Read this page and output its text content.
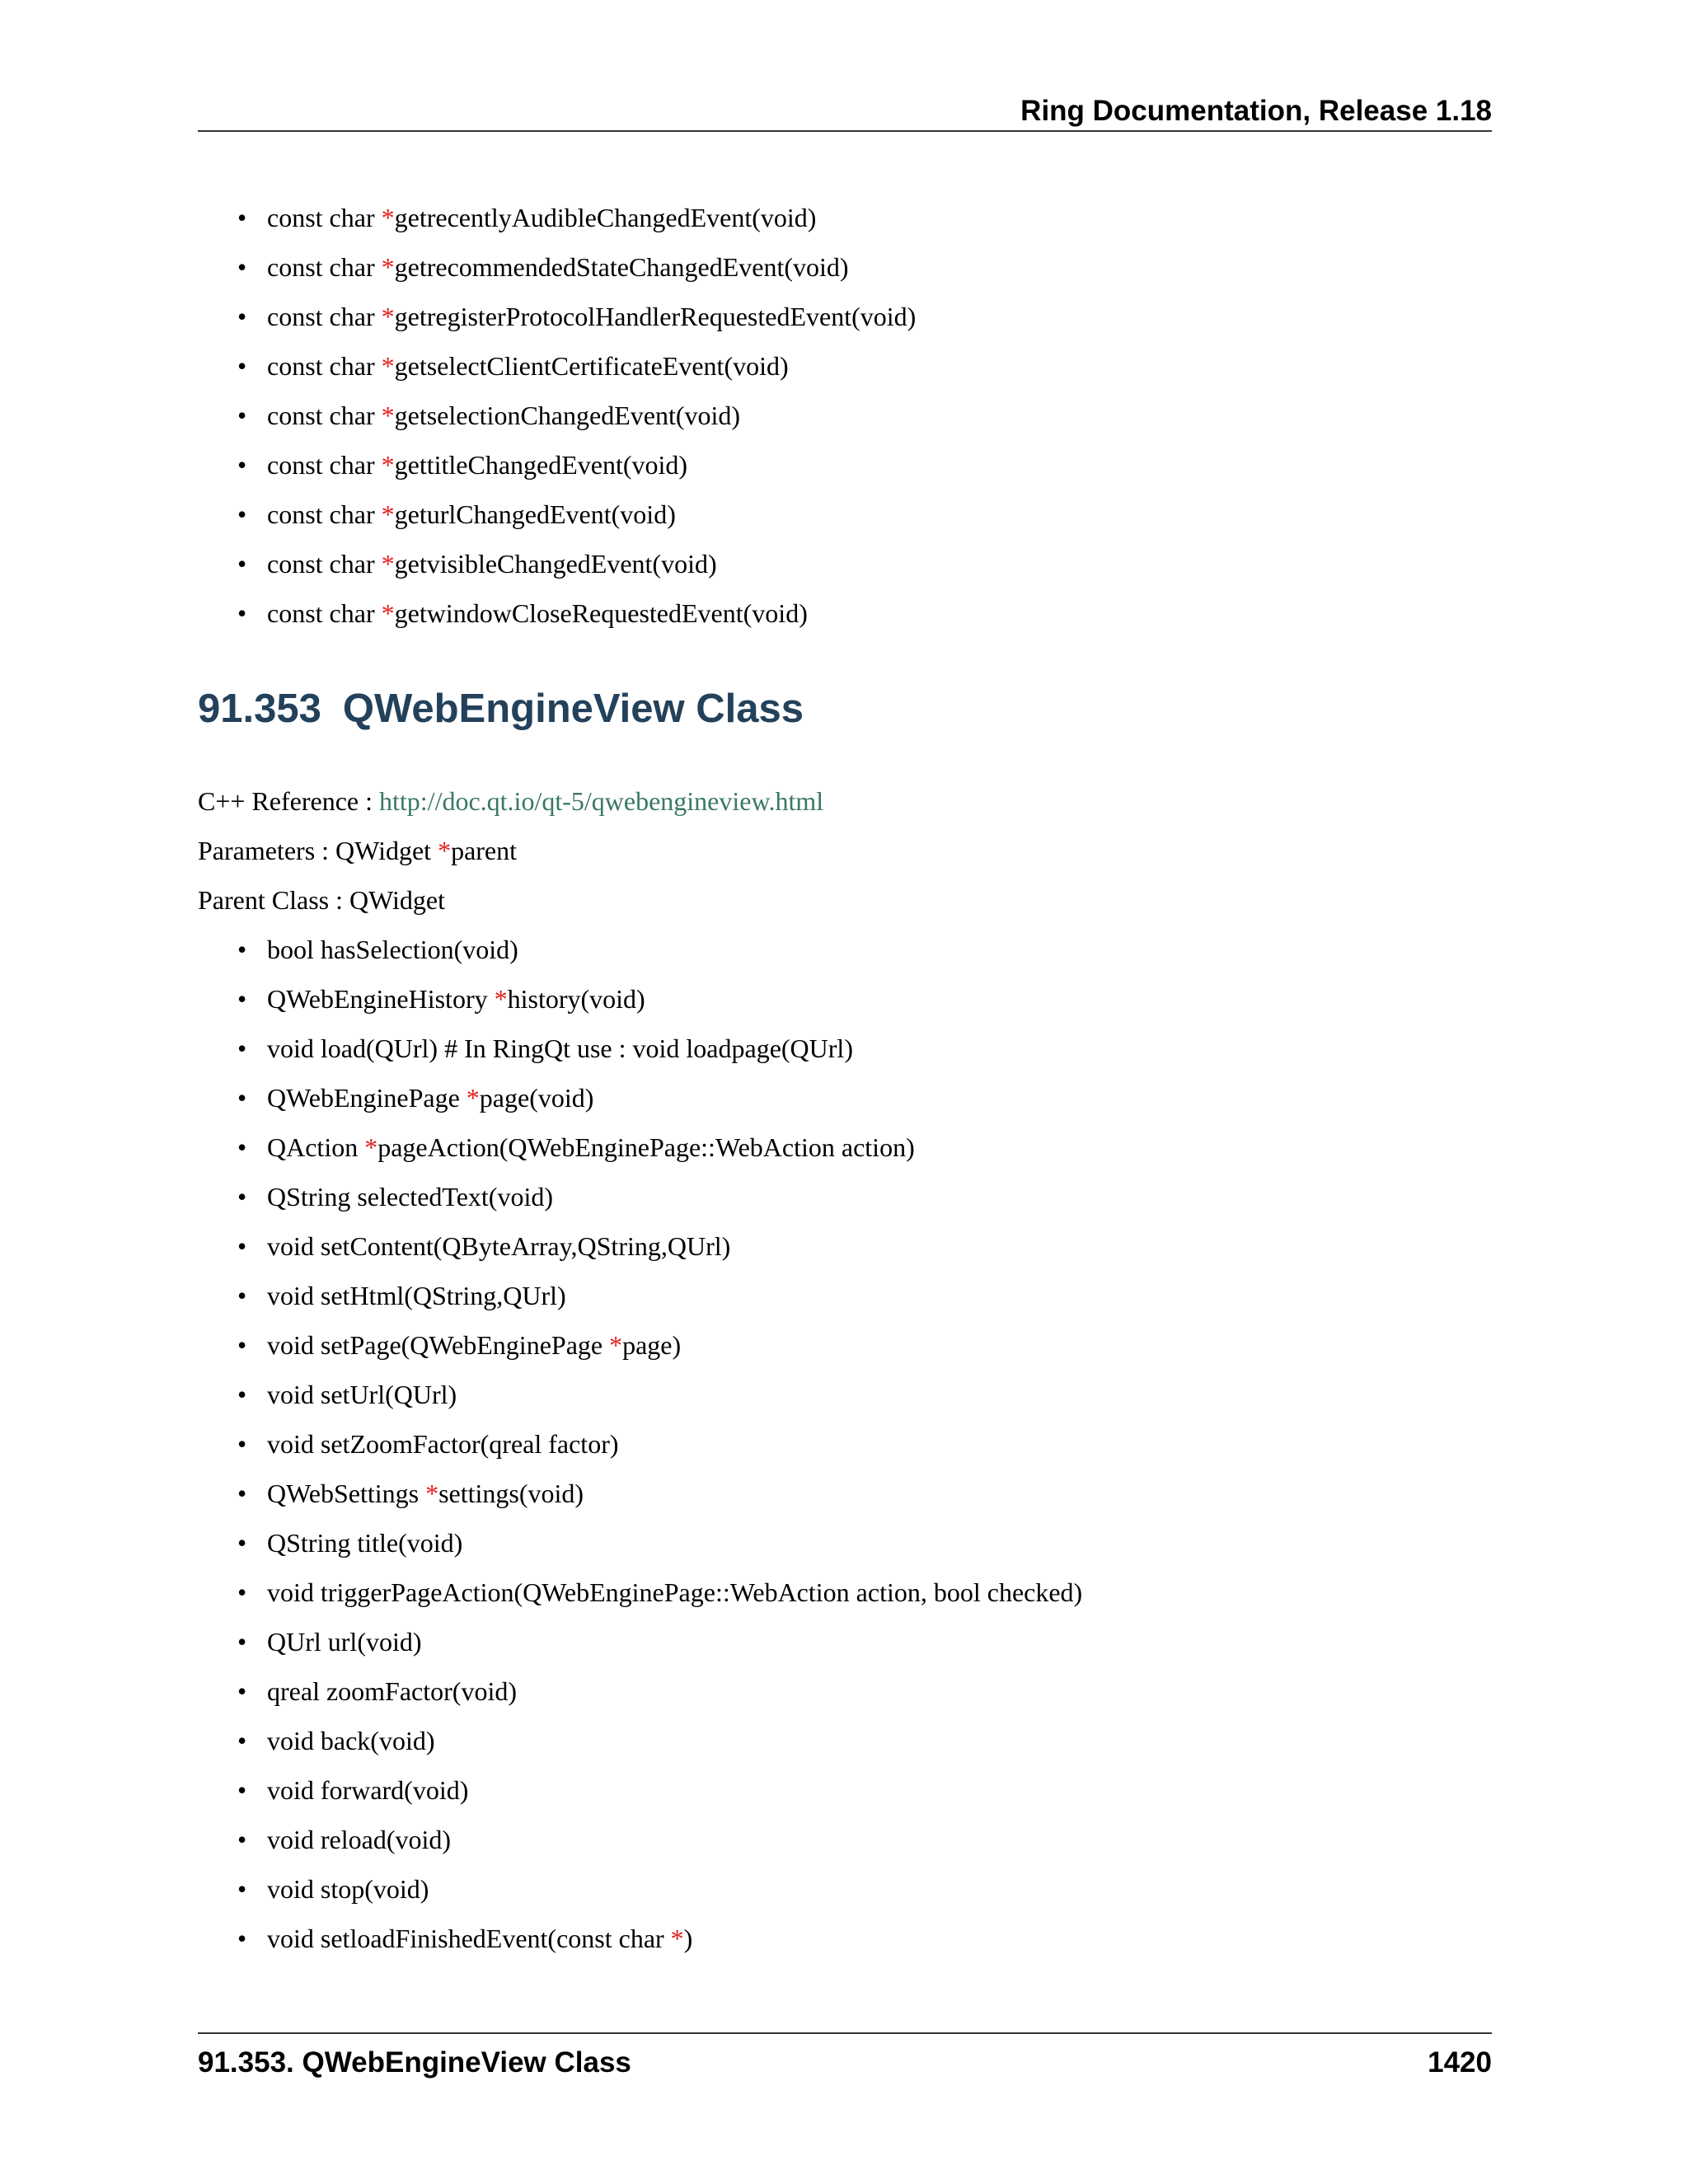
Ring Documentation, Release 1.18
• const char *getrecentlyAudibleChangedEvent(void)
• const char *getrecommendedStateChangedEvent(void)
• const char *getregisterProtocolHandlerRequestedEvent(void)
• const char *getselectClientCertificateEvent(void)
• const char *getselectionChangedEvent(void)
• const char *gettitleChangedEvent(void)
• const char *geturlChangedEvent(void)
• const char *getvisibleChangedEvent(void)
• const char *getwindowCloseRequestedEvent(void)
91.353 QWebEngineView Class
C++ Reference : http://doc.qt.io/qt-5/qwebengineview.html
Parameters : QWidget *parent
Parent Class : QWidget
• bool hasSelection(void)
• QWebEngineHistory *history(void)
• void load(QUrl) # In RingQt use : void loadpage(QUrl)
• QWebEnginePage *page(void)
• QAction *pageAction(QWebEnginePage::WebAction action)
• QString selectedText(void)
• void setContent(QByteArray,QString,QUrl)
• void setHtml(QString,QUrl)
• void setPage(QWebEnginePage *page)
• void setUrl(QUrl)
• void setZoomFactor(qreal factor)
• QWebSettings *settings(void)
• QString title(void)
• void triggerPageAction(QWebEnginePage::WebAction action, bool checked)
• QUrl url(void)
• qreal zoomFactor(void)
• void back(void)
• void forward(void)
• void reload(void)
• void stop(void)
• void setloadFinishedEvent(const char *)
91.353. QWebEngineView Class	1420
